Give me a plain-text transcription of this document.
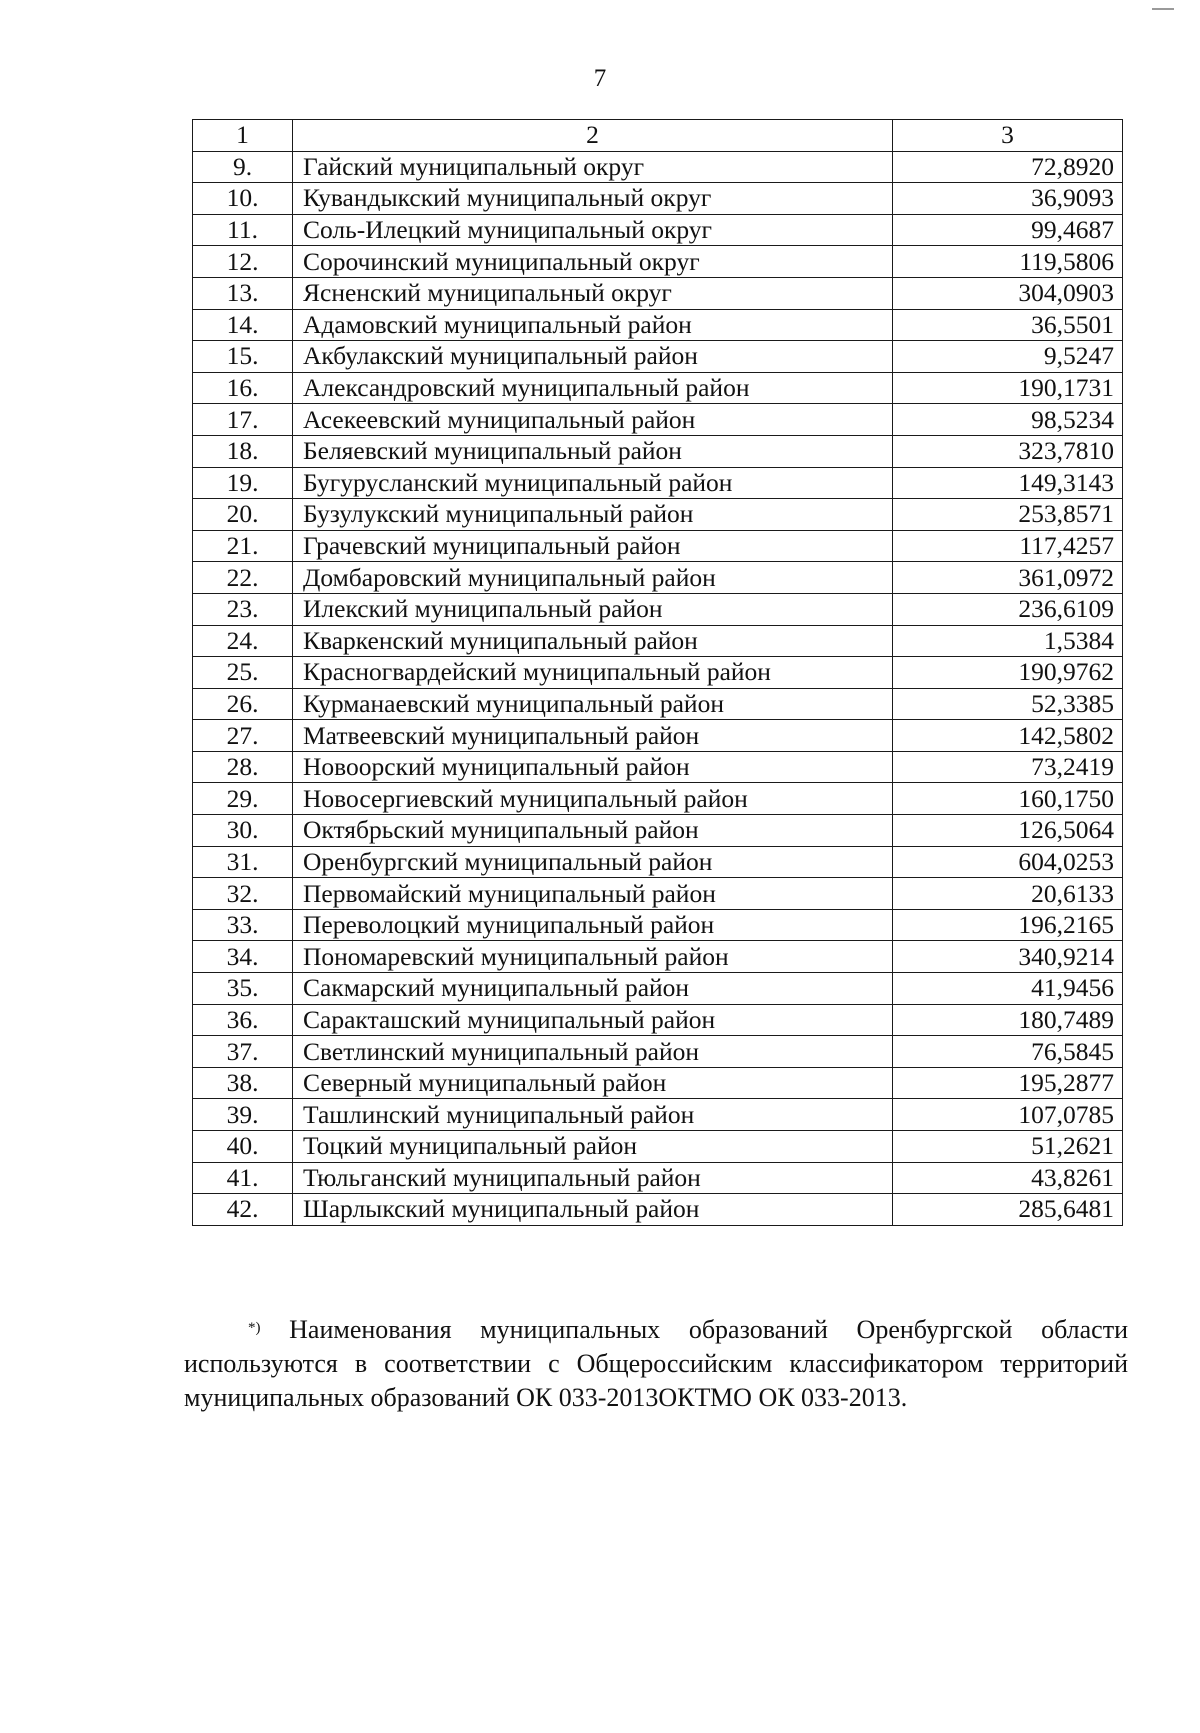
7
1	2	3
9.	Гайский муниципальный округ	72,8920
10.	Кувандыкский муниципальный округ	36,9093
11.	Соль-Илецкий муниципальный округ	99,4687
12.	Сорочинский муниципальный округ	119,5806
13.	Ясненский муниципальный округ	304,0903
14.	Адамовский муниципальный район	36,5501
15.	Акбулакский муниципальный район	9,5247
16.	Александровский муниципальный район	190,1731
17.	Асекеевский муниципальный район	98,5234
18.	Беляевский муниципальный район	323,7810
19.	Бугурусланский муниципальный район	149,3143
20.	Бузулукский муниципальный район	253,8571
21.	Грачевский муниципальный район	117,4257
22.	Домбаровский муниципальный район	361,0972
23.	Илекский муниципальный район	236,6109
24.	Кваркенский муниципальный район	1,5384
25.	Красногвардейский муниципальный район	190,9762
26.	Курманаевский муниципальный район	52,3385
27.	Матвеевский муниципальный район	142,5802
28.	Новоорский муниципальный район	73,2419
29.	Новосергиевский муниципальный район	160,1750
30.	Октябрьский муниципальный район	126,5064
31.	Оренбургский муниципальный район	604,0253
32.	Первомайский муниципальный район	20,6133
33.	Переволоцкий муниципальный район	196,2165
34.	Пономаревский муниципальный район	340,9214
35.	Сакмарский муниципальный район	41,9456
36.	Саракташский муниципальный район	180,7489
37.	Светлинский муниципальный район	76,5845
38.	Северный муниципальный район	195,2877
39.	Ташлинский муниципальный район	107,0785
40.	Тоцкий муниципальный район	51,2621
41.	Тюльганский муниципальный район	43,8261
42.	Шарлыкский муниципальный район	285,6481
*) Наименования муниципальных образований Оренбургской области
используются в соответствии с Общероссийским классификатором территорий муниципальных образований ОК 033-2013ОКТМО ОК 033-2013.
